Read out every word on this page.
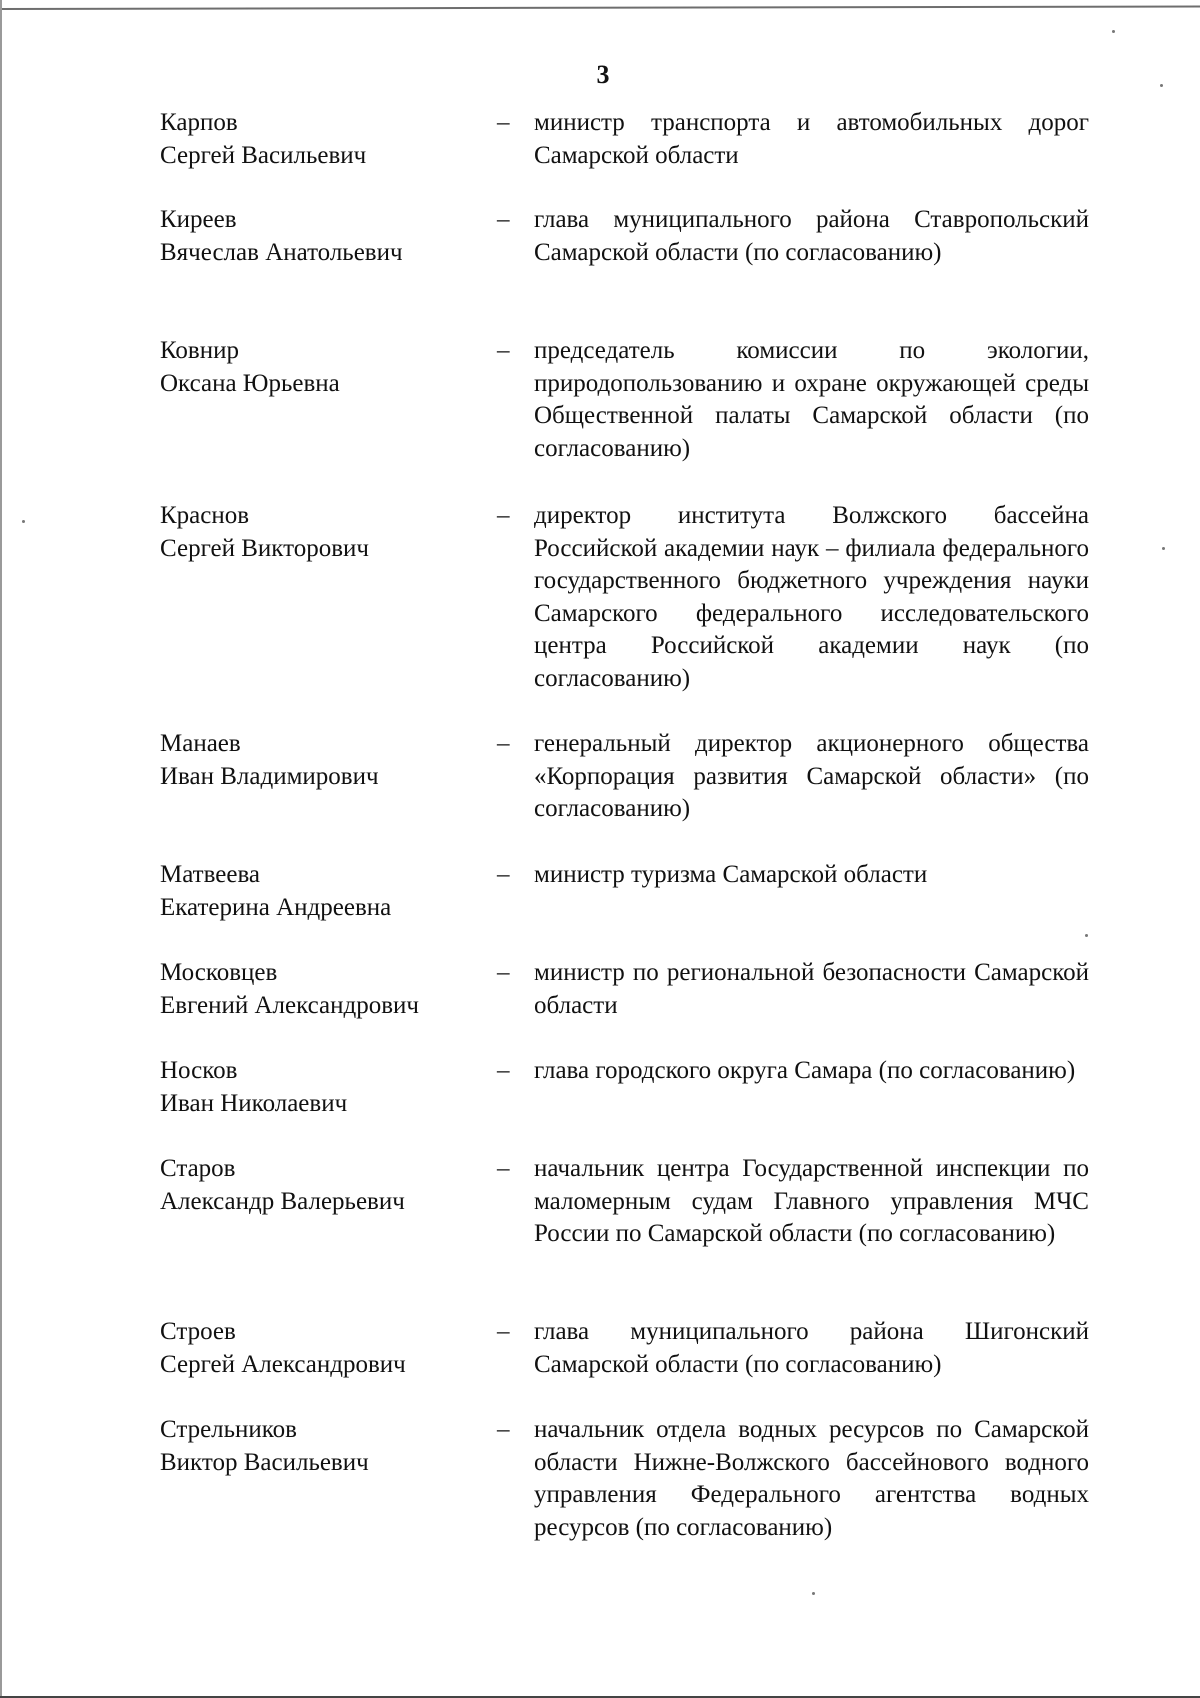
3
Карпов
Сергей Васильевич
– министр транспорта и автомобильных дорог Самарской области
Киреев
Вячеслав Анатольевич
– глава муниципального района Ставропольский Самарской области (по согласованию)
Ковнир
Оксана Юрьевна
– председатель комиссии по экологии, природопользованию и охране окружающей среды Общественной палаты Самарской области (по согласованию)
Краснов
Сергей Викторович
– директор института Волжского бассейна Российской академии наук – филиала федерального государственного бюджетного учреждения науки Самарского федерального исследовательского центра Российской академии наук (по согласованию)
Манаев
Иван Владимирович
– генеральный директор акционерного общества «Корпорация развития Самарской области» (по согласованию)
Матвеева
Екатерина Андреевна
– министр туризма Самарской области
Московцев
Евгений Александрович
– министр по региональной безопасности Самарской области
Носков
Иван Николаевич
– глава городского округа Самара (по согласованию)
Старов
Александр Валерьевич
– начальник центра Государственной инспекции по маломерным судам Главного управления МЧС России по Самарской области (по согласованию)
Строев
Сергей Александрович
– глава муниципального района Шигонский Самарской области (по согласованию)
Стрельников
Виктор Васильевич
– начальник отдела водных ресурсов по Самарской области Нижне-Волжского бассейнового водного управления Федерального агентства водных ресурсов (по согласованию)
